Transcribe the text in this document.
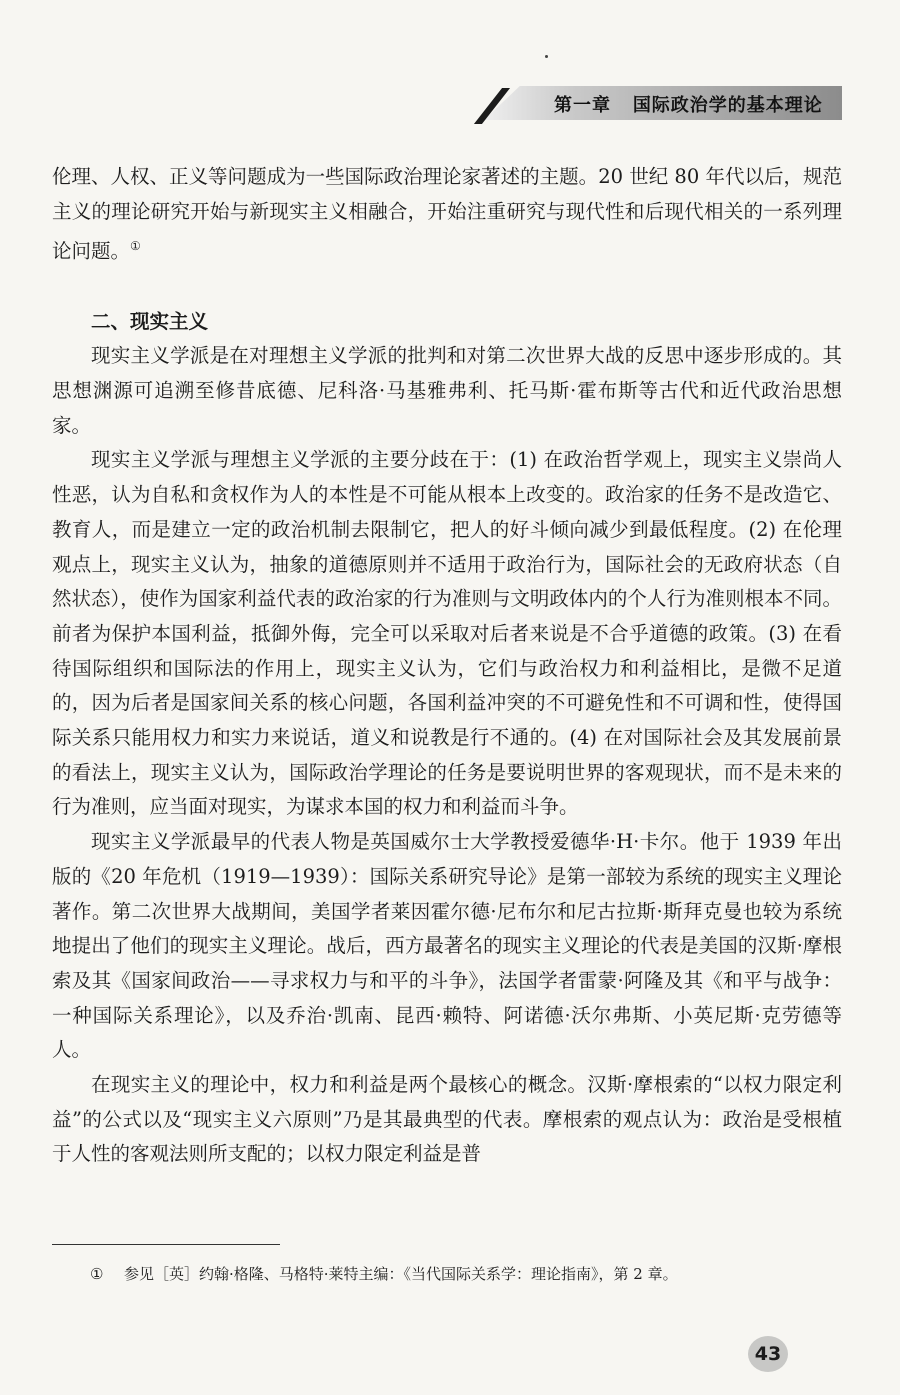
第一章 国际政治学的基本理论

伦理、人权、正义等问题成为一些国际政治理论家著述的主题。20 世纪 80 年代以后，规范主义的理论研究开始与新现实主义相融合，开始注重研究与现代性和后现代相关的一系列理论问题。①

二、现实主义

现实主义学派是在对理想主义学派的批判和对第二次世界大战的反思中逐步形成的。其思想渊源可追溯至修昔底德、尼科洛·马基雅弗利、托马斯·霍布斯等古代和近代政治思想家。

现实主义学派与理想主义学派的主要分歧在于：(1) 在政治哲学观上，现实主义崇尚人性恶，认为自私和贪权作为人的本性是不可能从根本上改变的。政治家的任务不是改造它、教育人，而是建立一定的政治机制去限制它，把人的好斗倾向减少到最低程度。(2) 在伦理观点上，现实主义认为，抽象的道德原则并不适用于政治行为，国际社会的无政府状态（自然状态），使作为国家利益代表的政治家的行为准则与文明政体内的个人行为准则根本不同。前者为保护本国利益，抵御外侮，完全可以采取对后者来说是不合乎道德的政策。(3) 在看待国际组织和国际法的作用上，现实主义认为，它们与政治权力和利益相比，是微不足道的，因为后者是国家间关系的核心问题，各国利益冲突的不可避免性和不可调和性，使得国际关系只能用权力和实力来说话，道义和说教是行不通的。(4) 在对国际社会及其发展前景的看法上，现实主义认为，国际政治学理论的任务是要说明世界的客观现状，而不是未来的行为准则，应当面对现实，为谋求本国的权力和利益而斗争。

现实主义学派最早的代表人物是英国威尔士大学教授爱德华·H·卡尔。他于 1939 年出版的《20 年危机（1919—1939）：国际关系研究导论》是第一部较为系统的现实主义理论著作。第二次世界大战期间，美国学者莱因霍尔德·尼布尔和尼古拉斯·斯拜克曼也较为系统地提出了他们的现实主义理论。战后，西方最著名的现实主义理论的代表是美国的汉斯·摩根索及其《国家间政治——寻求权力与和平的斗争》，法国学者雷蒙·阿隆及其《和平与战争：一种国际关系理论》，以及乔治·凯南、昆西·赖特、阿诺德·沃尔弗斯、小英尼斯·克劳德等人。

在现实主义的理论中，权力和利益是两个最核心的概念。汉斯·摩根索的“以权力限定利益”的公式以及“现实主义六原则”乃是其最典型的代表。摩根索的观点认为：政治是受根植于人性的客观法则所支配的；以权力限定利益是普

① 参见［英］约翰·格隆、马格特·莱特主编：《当代国际关系学：理论指南》，第 2 章。
43
